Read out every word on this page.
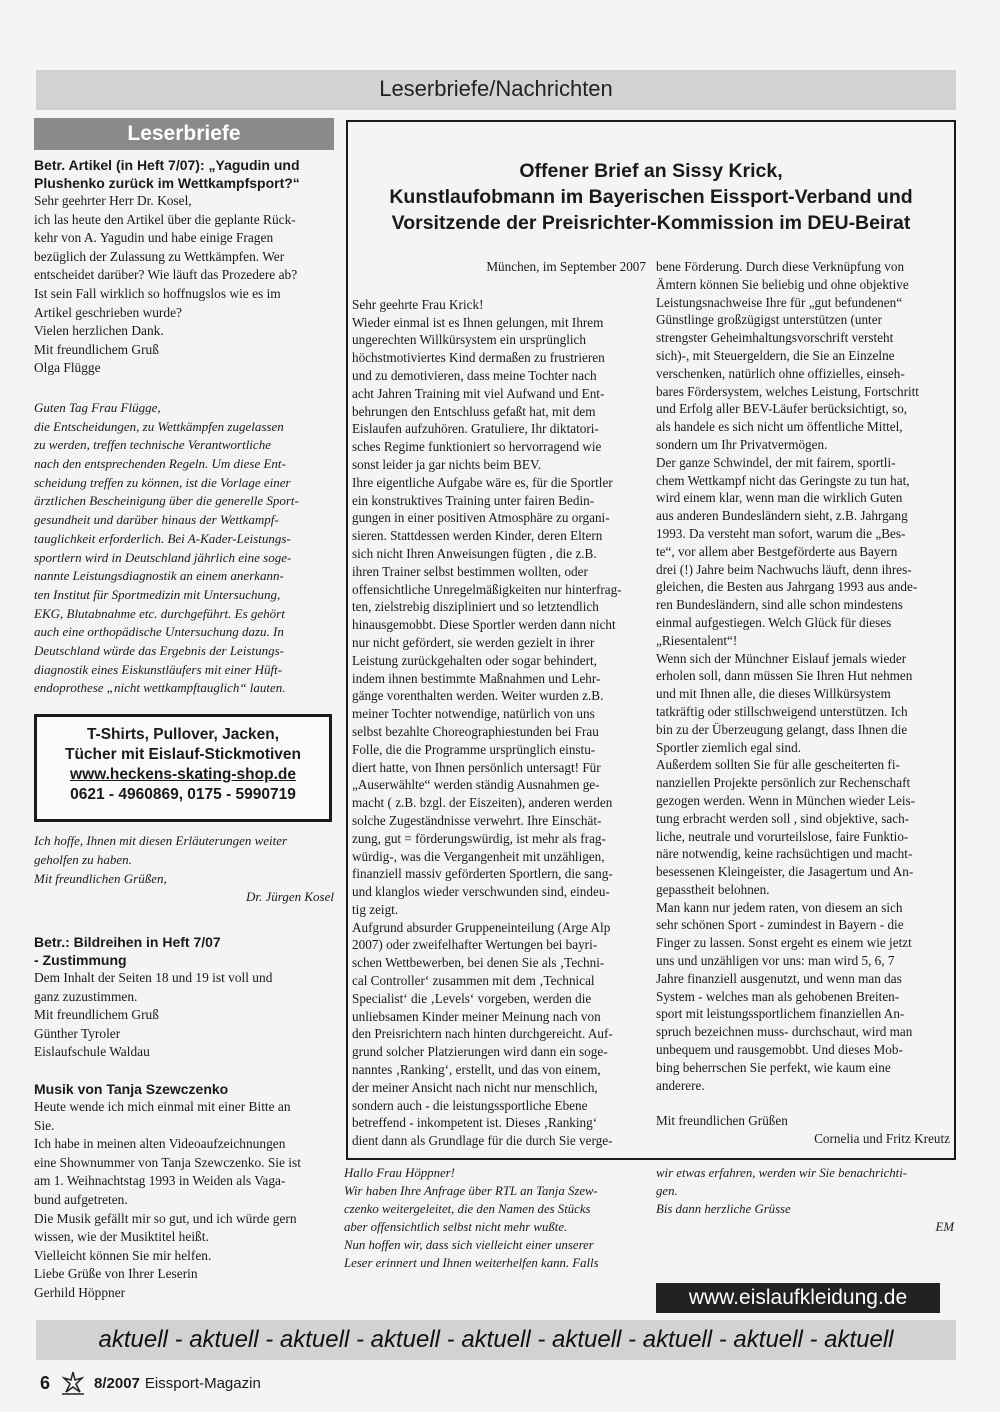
Leserbriefe/Nachrichten
Leserbriefe
Betr. Artikel (in Heft 7/07): „Yagudin und
Plushenko zurück im Wettkampfsport?“
Sehr geehrter Herr Dr. Kosel,
ich las heute den Artikel über die geplante Rück-
kehr von A. Yagudin und habe einige Fragen
bezüglich der Zulassung zu Wettkämpfen. Wer
entscheidet darüber? Wie läuft das Prozedere ab?
Ist sein Fall wirklich so hoffnugslos wie es im
Artikel geschrieben wurde?
Vielen herzlichen Dank.
Mit freundlichem Gruß
Olga Flügge
Guten Tag Frau Flügge,
die Entscheidungen, zu Wettkämpfen zugelassen
zu werden, treffen technische Verantwortliche
nach den entsprechenden Regeln. Um diese Ent-
scheidung treffen zu können, ist die Vorlage einer
ärztlichen Bescheinigung über die generelle Sport-
gesundheit und darüber hinaus der Wettkampf-
tauglichkeit erforderlich. Bei A-Kader-Leistungs-
sportlern wird in Deutschland jährlich eine soge-
nannte Leistungsdiagnostik an einem anerkann-
ten Institut für Sportmedizin mit Untersuchung,
EKG, Blutabnahme etc. durchgeführt. Es gehört
auch eine orthopädische Untersuchung dazu. In
Deutschland würde das Ergebnis der Leistungs-
diagnostik eines Eiskunstläufers mit einer Hüft-
endoprothese „nicht wettkampftauglich“ lauten.
T-Shirts, Pullover, Jacken,
Tücher mit Eislauf-Stickmotiven
www.heckens-skating-shop.de
0621 - 4960869, 0175 - 5990719
Ich hoffe, Ihnen mit diesen Erläuterungen weiter
geholfen zu haben.
Mit freundlichen Grüßen,
Dr. Jürgen Kosel
Betr.: Bildreihen in Heft 7/07
- Zustimmung
Dem Inhalt der Seiten 18 und 19 ist voll und
ganz zuzustimmen.
Mit freundlichem Gruß
Günther Tyroler
Eislaufschule Waldau
Musik von Tanja Szewczenko
Heute wende ich mich einmal mit einer Bitte an
Sie.
Ich habe in meinen alten Videoaufzeichnungen
eine Shownummer von Tanja Szewczenko. Sie ist
am 1. Weihnachtstag 1993 in Weiden als Vaga-
bund aufgetreten.
Die Musik gefällt mir so gut, und ich würde gern
wissen, wie der Musiktitel heißt.
Vielleicht können Sie mir helfen.
Liebe Grüße von Ihrer Leserin
Gerhild Höppner
Offener Brief an Sissy Krick,
Kunstlaufobmann im Bayerischen Eissport-Verband und
Vorsitzende der Preisrichter-Kommission im DEU-Beirat
München, im September 2007
Sehr geehrte Frau Krick!
Wieder einmal ist es Ihnen gelungen, mit Ihrem
ungerechten Willkürsystem ein ursprünglich
höchstmotiviertes Kind dermaßen zu frustrieren
und zu demotivieren, dass meine Tochter nach
acht Jahren Training mit viel Aufwand und Ent-
behrungen den Entschluss gefaßt hat, mit dem
Eislaufen aufzuhören. Gratuliere, Ihr diktatori-
sches Regime funktioniert so hervorragend wie
sonst leider ja gar nichts beim BEV.
Ihre eigentliche Aufgabe wäre es, für die Sportler
ein konstruktives Training unter fairen Bedin-
gungen in einer positiven Atmosphäre zu organi-
sieren. Stattdessen werden Kinder, deren Eltern
sich nicht Ihren Anweisungen fügten , die z.B.
ihren Trainer selbst bestimmen wollten, oder
offensichtliche Unregelmäßigkeiten nur hinterfrag-
ten, zielstrebig diszipliniert und so letztendlich
hinausgemobbt. Diese Sportler werden dann nicht
nur nicht gefördert, sie werden gezielt in ihrer
Leistung zurückgehalten oder sogar behindert,
indem ihnen bestimmte Maßnahmen und Lehr-
gänge vorenthalten werden. Weiter wurden z.B.
meiner Tochter notwendige, natürlich von uns
selbst bezahlte Choreographiestunden bei Frau
Folle, die die Programme ursprünglich einstu-
diert hatte, von Ihnen persönlich untersagt! Für
„Auserwählte“ werden ständig Ausnahmen ge-
macht ( z.B. bzgl. der Eiszeiten), anderen werden
solche Zugeständnisse verwehrt. Ihre Einschät-
zung, gut = förderungswürdig, ist mehr als frag-
würdig-, was die Vergangenheit mit unzähligen,
finanziell massiv geförderten Sportlern, die sang-
und klanglos wieder verschwunden sind, eindeu-
tig zeigt.
Aufgrund absurder Gruppeneinteilung (Arge Alp
2007) oder zweifelhafter Wertungen bei bayri-
schen Wettbewerben, bei denen Sie als ‚Techni-
cal Controller‘ zusammen mit dem ‚Technical
Specialist‘ die ‚Levels‘ vorgeben, werden die
unliebsamen Kinder meiner Meinung nach von
den Preisrichtern nach hinten durchgereicht. Auf-
grund solcher Platzierungen wird dann ein soge-
nanntes ‚Ranking‘, erstellt, und das von einem,
der meiner Ansicht nach nicht nur menschlich,
sondern auch - die leistungssportliche Ebene
betreffend - inkompetent ist. Dieses ‚Ranking‘
dient dann als Grundlage für die durch Sie verge-
bene Förderung. Durch diese Verknüpfung von
Ämtern können Sie beliebig und ohne objektive
Leistungsnachweise Ihre für „gut befundenen“
Günstlinge großzügigst unterstützen (unter
strengster Geheimhaltungsvorschrift versteht
sich)-, mit Steuergeldern, die Sie an Einzelne
verschenken, natürlich ohne offizielles, einseh-
bares Fördersystem, welches Leistung, Fortschritt
und Erfolg aller BEV-Läufer berücksichtigt, so,
als handele es sich nicht um öffentliche Mittel,
sondern um Ihr Privatvermögen.
Der ganze Schwindel, der mit fairem, sportli-
chem Wettkampf nicht das Geringste zu tun hat,
wird einem klar, wenn man die wirklich Guten
aus anderen Bundesländern sieht, z.B. Jahrgang
1993. Da versteht man sofort, warum die „Bes-
te“, vor allem aber Bestgeförderte aus Bayern
drei (!) Jahre beim Nachwuchs läuft, denn ihres-
gleichen, die Besten aus Jahrgang 1993 aus ande-
ren Bundesländern, sind alle schon mindestens
einmal aufgestiegen. Welch Glück für dieses
„Riesentalent“!
Wenn sich der Münchner Eislauf jemals wieder
erholen soll, dann müssen Sie Ihren Hut nehmen
und mit Ihnen alle, die dieses Willkürsystem
tatkräftig oder stillschweigend unterstützen. Ich
bin zu der Überzeugung gelangt, dass Ihnen die
Sportler ziemlich egal sind.
Außerdem sollten Sie für alle gescheiterten fi-
nanziellen Projekte persönlich zur Rechenschaft
gezogen werden. Wenn in München wieder Leis-
tung erbracht werden soll , sind objektive, sach-
liche, neutrale und vorurteilslose, faire Funktio-
näre notwendig, keine rachsüchtigen und macht-
besessenen Kleingeister, die Jasagertum und An-
gepasstheit belohnen.
Man kann nur jedem raten, von diesem an sich
sehr schönen Sport - zumindest in Bayern - die
Finger zu lassen. Sonst ergeht es einem wie jetzt
uns und unzähligen vor uns: man wird 5, 6, 7
Jahre finanziell ausgenutzt, und wenn man das
System - welches man als gehobenen Breiten-
sport mit leistungssportlichem finanziellen An-
spruch bezeichnen muss- durchschaut, wird man
unbequem und rausgemobbt. Und dieses Mob-
bing beherrschen Sie perfekt, wie kaum eine
anderere.
Mit freundlichen Grüßen
Cornelia und Fritz Kreutz
Hallo Frau Höppner!
Wir haben Ihre Anfrage über RTL an Tanja Szew-
czenko weitergeleitet, die den Namen des Stücks
aber offensichtlich selbst nicht mehr wußte.
Nun hoffen wir, dass sich vielleicht einer unserer
Leser erinnert und Ihnen weiterhelfen kann. Falls
wir etwas erfahren, werden wir Sie benachrichti-
gen.
Bis dann herzliche Grüsse
EM
www.eislaufkleidung.de
aktuell - aktuell - aktuell - aktuell - aktuell - aktuell - aktuell - aktuell - aktuell
6	8/2007 Eissport-Magazin
